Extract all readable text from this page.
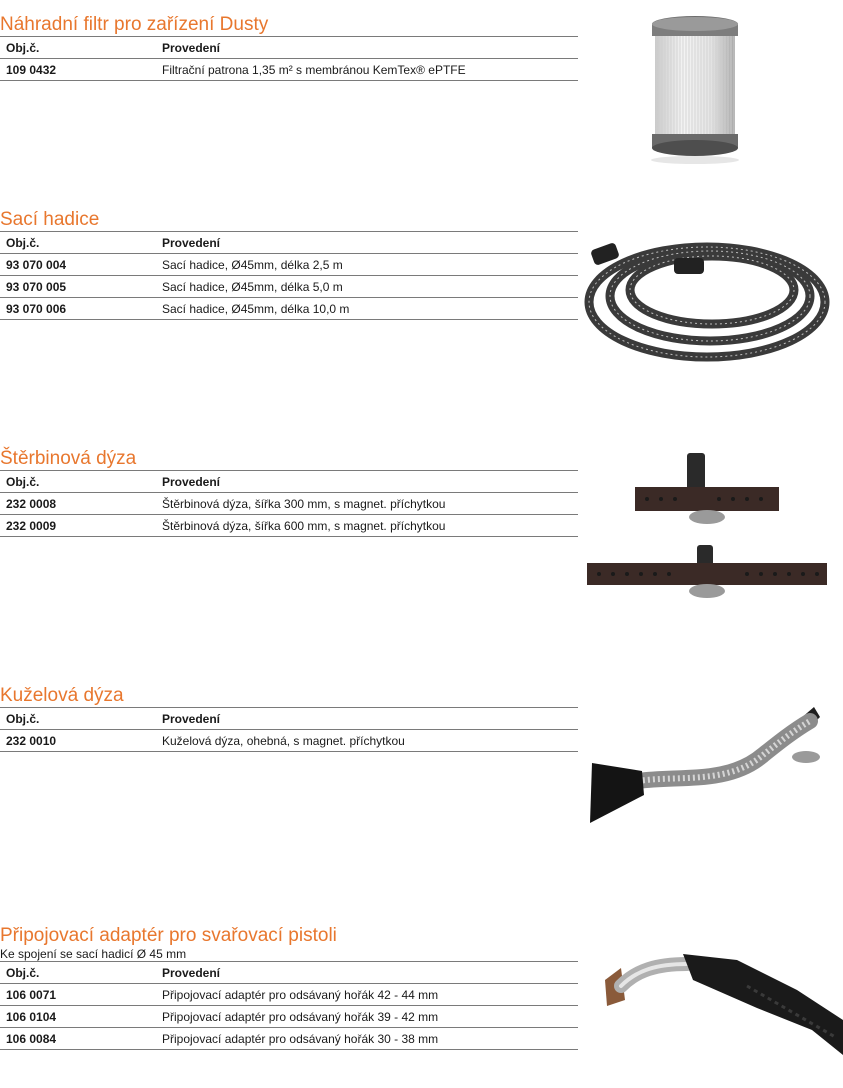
Náhradní filtr pro zařízení Dusty
Obj.č.	Provedení
109 0432	Filtrační patrona 1,35 m² s membránou KemTex® ePTFE
Sací hadice
Obj.č.	Provedení
93 070 004	Sací hadice, Ø45mm, délka 2,5 m
93 070 005	Sací hadice, Ø45mm, délka 5,0 m
93 070 006	Sací hadice, Ø45mm, délka 10,0 m
Štěrbinová dýza
Obj.č.	Provedení
232 0008	Štěrbinová dýza, šířka 300 mm, s magnet. příchytkou
232 0009	Štěrbinová dýza, šířka 600 mm, s magnet. příchytkou
Kuželová dýza
Obj.č.	Provedení
232 0010	Kuželová dýza, ohebná, s magnet. příchytkou
Připojovací adaptér pro svařovací pistoli
Ke spojení se sací hadicí Ø 45 mm
Obj.č.	Provedení
106 0071	Připojovací adaptér pro odsávaný hořák 42 - 44 mm
106 0104	Připojovací adaptér pro odsávaný hořák 39 - 42 mm
106 0084	Připojovací adaptér pro odsávaný hořák 30 - 38 mm
